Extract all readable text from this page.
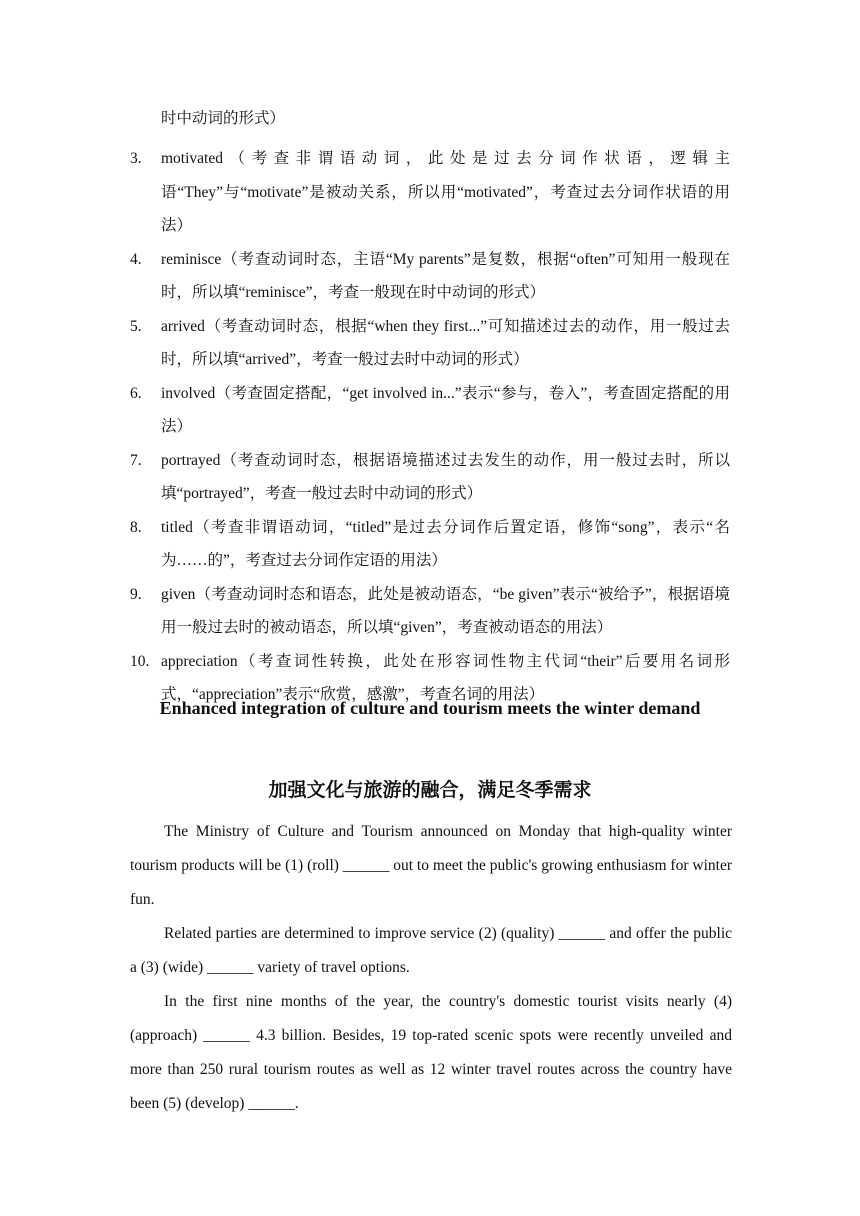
时中动词的形式）
3.	motivated（考查非谓语动词，此处是过去分词作状语，逻辑主语“They”与“motivate”是被动关系，所以用“motivated”，考查过去分词作状语的用法）
4.	reminisce（考查动词时态，主语“My parents”是复数，根据“often”可知用一般现在时，所以填“reminisce”，考查一般现在时中动词的形式）
5.	arrived（考查动词时态，根据“when they first...”可知描述过去的动作，用一般过去时，所以填“arrived”，考查一般过去时中动词的形式）
6.	involved（考查固定搭配，“get involved in...”表示“参与，卷入”，考查固定搭配的用法）
7.	portrayed（考查动词时态，根据语境描述过去发生的动作，用一般过去时，所以填“portrayed”，考查一般过去时中动词的形式）
8.	titled（考查非谓语动词，“titled”是过去分词作后置定语，修饰“song”，表示“名为……的”，考查过去分词作定语的用法）
9.	given（考查动词时态和语态，此处是被动语态，“be given”表示“被给予”，根据语境用一般过去时的被动语态，所以填“given”，考查被动语态的用法）
10. appreciation（考查词性转换，此处在形容词性物主代词“their”后要用名词形式，“appreciation”表示“欣赏，感激”，考查名词的用法）
Enhanced integration of culture and tourism meets the winter demand
加强文化与旅游的融合，满足冬季需求

The Ministry of Culture and Tourism announced on Monday that high-quality winter tourism products will be (1) (roll) ______ out to meet the public's growing enthusiasm for winter fun.

Related parties are determined to improve service (2) (quality) ______ and offer the public a (3) (wide) ______ variety of travel options.

In the first nine months of the year, the country's domestic tourist visits nearly (4) (approach) ______ 4.3 billion. Besides, 19 top-rated scenic spots were recently unveiled and more than 250 rural tourism routes as well as 12 winter travel routes across the country have been (5) (develop) ______.
